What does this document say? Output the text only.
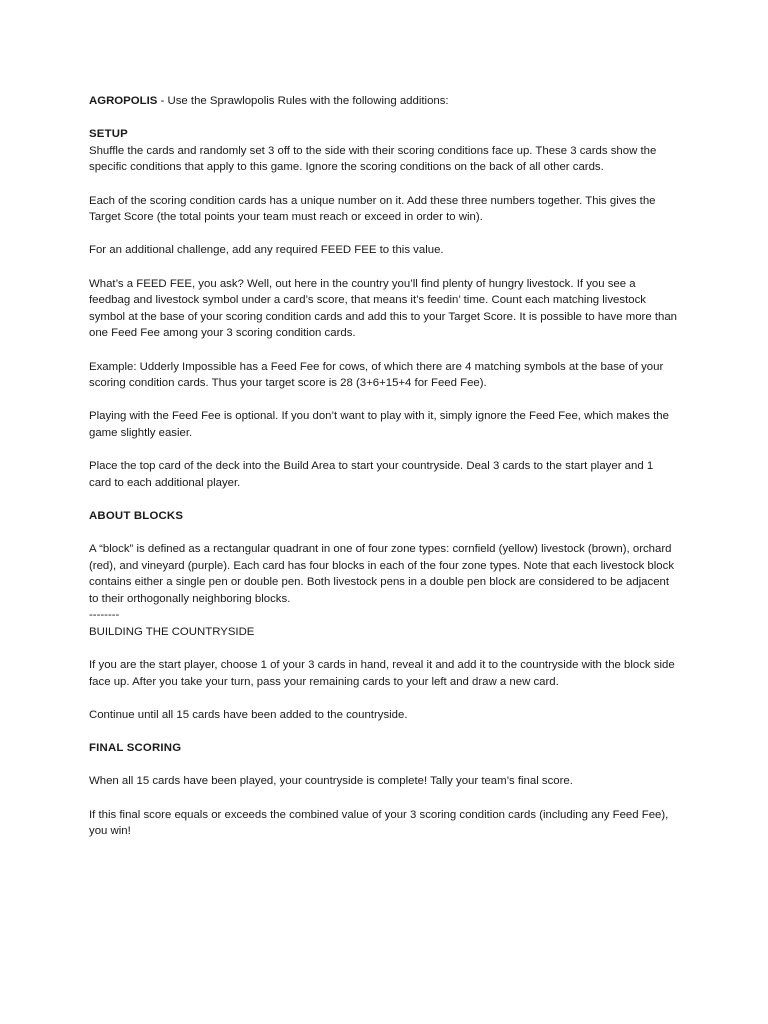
AGROPOLIS - Use the Sprawlopolis Rules with the following additions:

SETUP

Shuffle the cards and randomly set 3 off to the side with their scoring conditions face up. These 3 cards show the specific conditions that apply to this game. Ignore the scoring conditions on the back of all other cards.

Each of the scoring condition cards has a unique number on it. Add these three numbers together. This gives the Target Score (the total points your team must reach or exceed in order to win).

For an additional challenge, add any required FEED FEE to this value.

What’s a FEED FEE, you ask? Well, out here in the country you’ll find plenty of hungry livestock. If you see a feedbag and livestock symbol under a card’s score, that means it’s feedin’ time. Count each matching livestock symbol at the base of your scoring condition cards and add this to your Target Score. It is possible to have more than one Feed Fee among your 3 scoring condition cards.

Example: Udderly Impossible has a Feed Fee for cows, of which there are 4 matching symbols at the base of your scoring condition cards. Thus your target score is 28 (3+6+15+4 for Feed Fee).

Playing with the Feed Fee is optional. If you don’t want to play with it, simply ignore the Feed Fee, which makes the game slightly easier.

Place the top card of the deck into the Build Area to start your countryside. Deal 3 cards to the start player and 1 card to each additional player.

ABOUT BLOCKS

A “block” is defined as a rectangular quadrant in one of four zone types: cornfield (yellow) livestock (brown), orchard (red), and vineyard (purple). Each card has four blocks in each of the four zone types. Note that each livestock block contains either a single pen or double pen. Both livestock pens in a double pen block are considered to be adjacent to their orthogonally neighboring blocks.

--------

BUILDING THE COUNTRYSIDE

If you are the start player, choose 1 of your 3 cards in hand, reveal it and add it to the countryside with the block side face up. After you take your turn, pass your remaining cards to your left and draw a new card.

Continue until all 15 cards have been added to the countryside.

FINAL SCORING

When all 15 cards have been played, your countryside is complete! Tally your team’s final score.

If this final score equals or exceeds the combined value of your 3 scoring condition cards (including any Feed Fee), you win!
